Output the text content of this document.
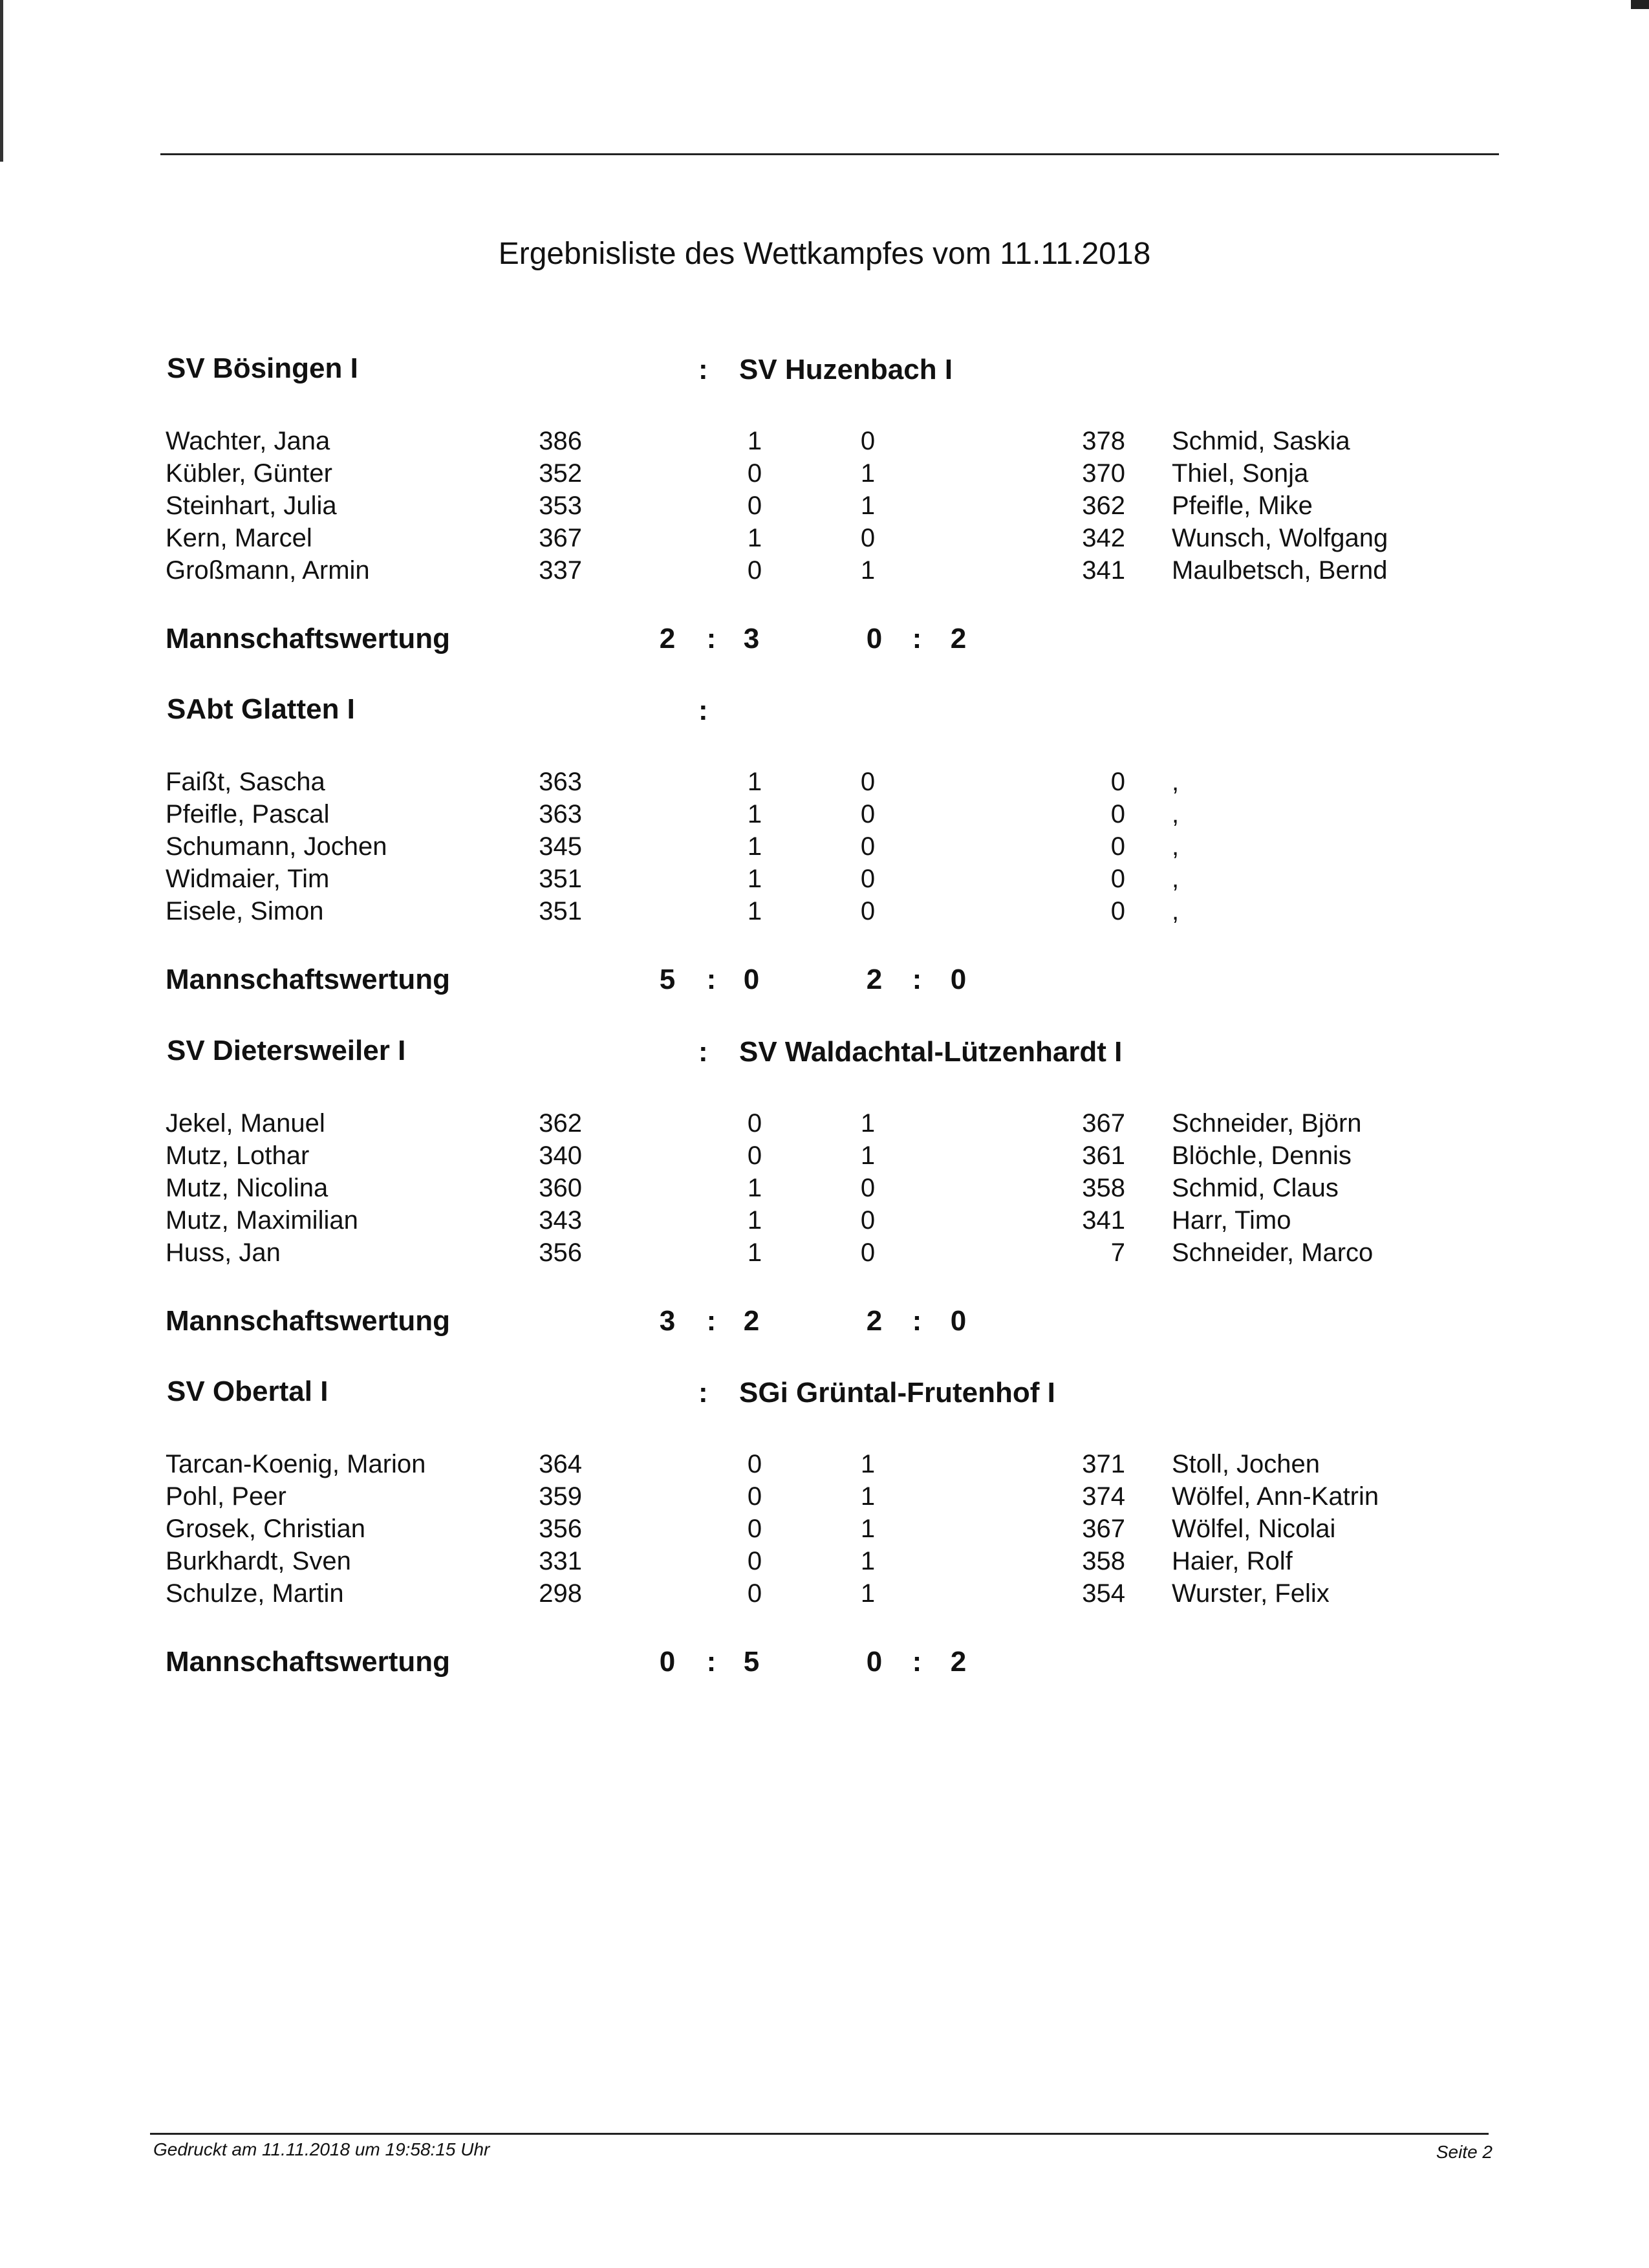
Ergebnisliste des Wettkampfes vom 11.11.2018
SV Bösingen I	: SV Huzenbach I
Wachter, Jana	386	1	0	378 Schmid, Saskia
Kübler, Günter	352	0	1	370 Thiel, Sonja
Steinhart, Julia	353	0	1	362 Pfeifle, Mike
Kern, Marcel	367	1	0	342 Wunsch, Wolfgang
Großmann, Armin	337	0	1	341 Maulbetsch, Bernd
Mannschaftswertung	2	: 3	0	:	2
SAbt Glatten I	:
Faißt, Sascha	363	1	0	0 ,
Pfeifle, Pascal	363	1	0	0 ,
Schumann, Jochen	345	1	0	0 ,
Widmaier, Tim	351	1	0	0 ,
Eisele, Simon	351	1	0	0 ,
Mannschaftswertung	5	: 0	2	:	0
SV Dietersweiler I	: SV Waldachtal-Lützenhardt I
Jekel, Manuel	362	0	1	367 Schneider, Björn
Mutz, Lothar	340	0	1	361 Blöchle, Dennis
Mutz, Nicolina	360	1	0	358 Schmid, Claus
Mutz, Maximilian	343	1	0	341 Harr, Timo
Huss, Jan	356	1	0	7 Schneider, Marco
Mannschaftswertung	3	: 2	2	:	0
SV Obertal I	: SGi Grüntal-Frutenhof I
Tarcan-Koenig, Marion	364	0	1	371 Stoll, Jochen
Pohl, Peer	359	0	1	374 Wölfel, Ann-Katrin
Grosek, Christian	356	0	1	367 Wölfel, Nicolai
Burkhardt, Sven	331	0	1	358 Haier, Rolf
Schulze, Martin	298	0	1	354 Wurster, Felix
Mannschaftswertung	0	: 5	0	:	2
Gedruckt am 11.11.2018 um 19:58:15 Uhr	Seite 2
